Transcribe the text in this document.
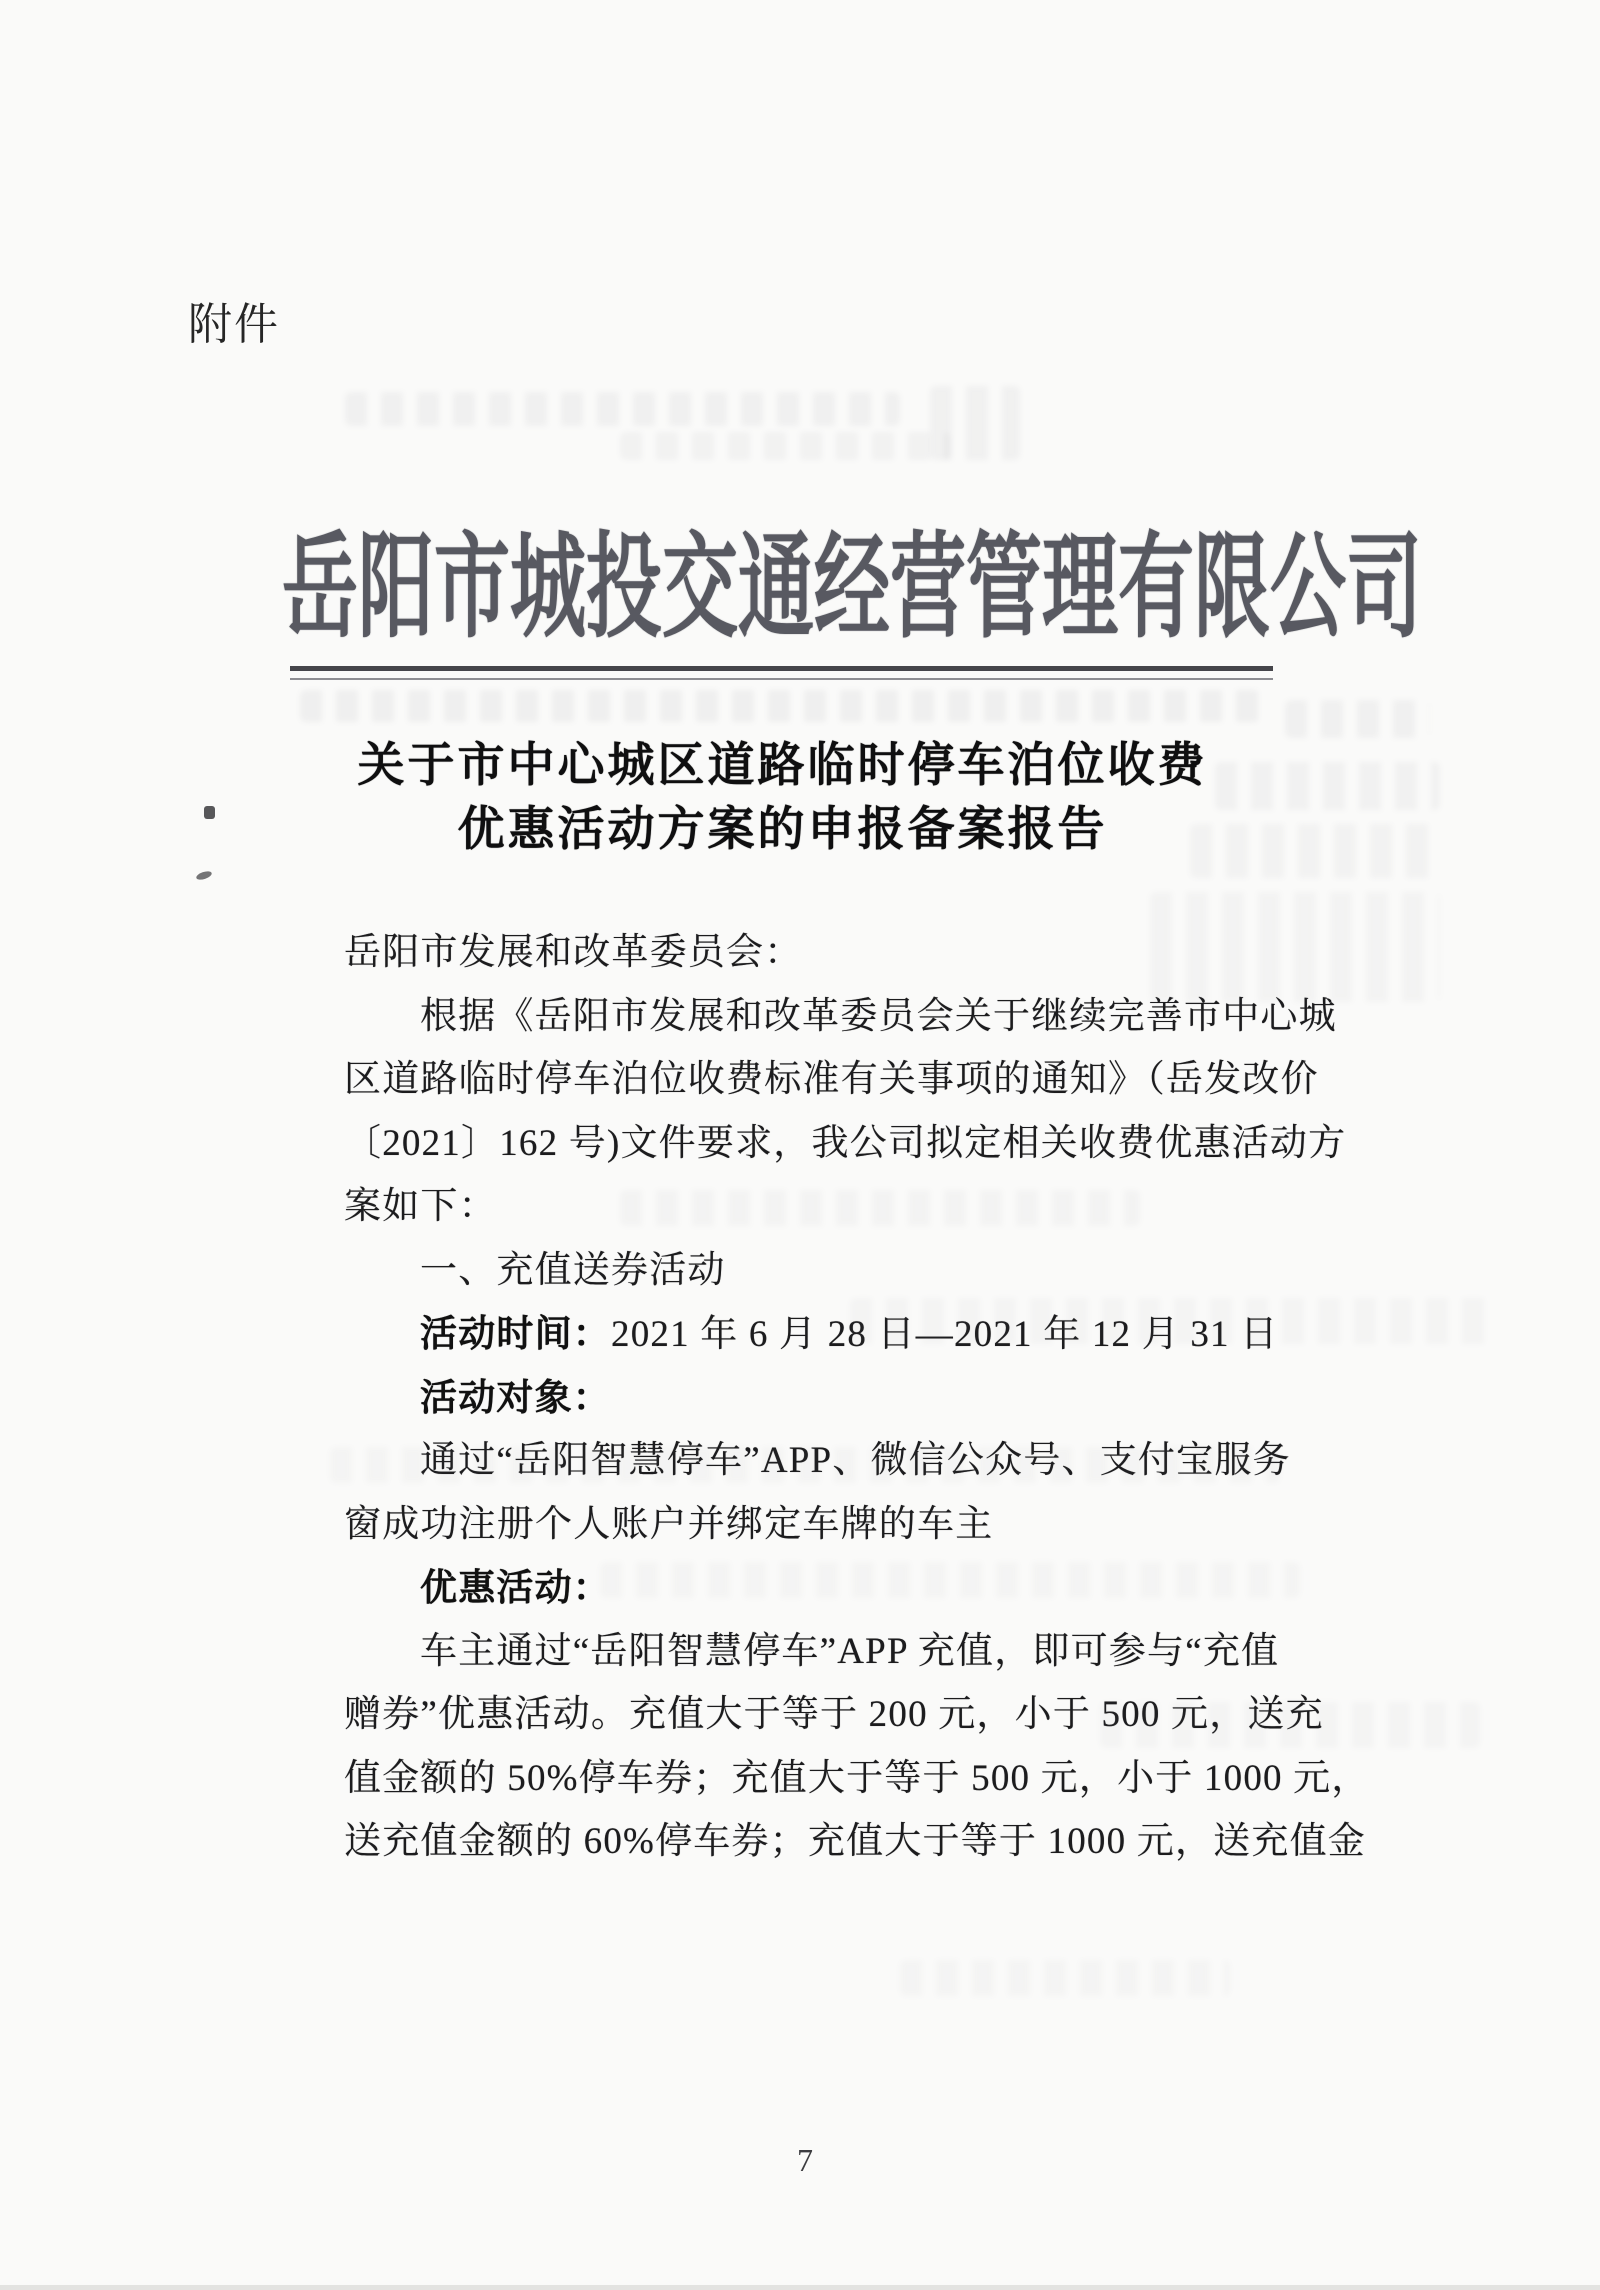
附件
岳 阳 市 城 投 交 通 经 营 管 理 有 限 公 司
关于市中心城区道路临时停车泊位收费
优惠活动方案的申报备案报告
岳阳市发展和改革委员会：
根据《岳阳市发展和改革委员会关于继续完善市中心城
区道路临时停车泊位收费标准有关事项的通知》（岳发改价
〔2021〕162 号)文件要求，我公司拟定相关收费优惠活动方
案如下：
一、充值送券活动
活动时间：2021 年 6 月 28 日—2021 年 12 月 31 日
活动对象：
通过“岳阳智慧停车”APP、微信公众号、支付宝服务
窗成功注册个人账户并绑定车牌的车主
优惠活动：
车主通过“岳阳智慧停车”APP 充值，即可参与“充值
赠券”优惠活动。充值大于等于 200 元，小于 500 元，送充
值金额的 50%停车券；充值大于等于 500 元，小于 1000 元，
送充值金额的 60%停车券；充值大于等于 1000 元，送充值金
7
